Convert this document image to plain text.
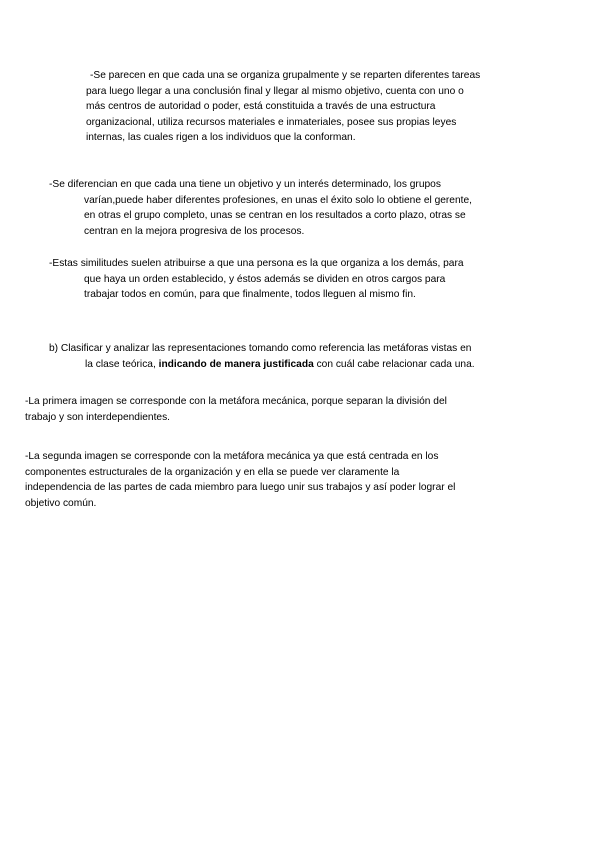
-Se parecen en que cada una se organiza grupalmente y se reparten diferentes tareas
para luego llegar a una conclusión final y llegar al mismo objetivo, cuenta con uno o
más centros de autoridad o poder, está constituida a través de una estructura
organizacional, utiliza recursos materiales e inmateriales, posee sus propias leyes
internas, las cuales rigen a los individuos que la conforman.

-Se diferencian en que cada una tiene un objetivo y un interés determinado, los grupos
varían,puede haber diferentes profesiones, en unas el éxito solo lo obtiene el gerente,
en otras el grupo completo, unas se centran en los resultados a corto plazo, otras se
centran en la mejora progresiva de los procesos.

-Estas similitudes suelen atribuirse a que una persona es la que organiza a los demás, para
que haya un orden establecido, y éstos además se dividen en otros cargos para
trabajar todos en común, para que finalmente, todos lleguen al mismo fin.

b) Clasificar y analizar las representaciones tomando como referencia las metáforas vistas en
la clase teórica, indicando de manera justificada con cuál cabe relacionar cada una.

-La primera imagen se corresponde con la metáfora mecánica, porque separan la división del
trabajo y son interdependientes.

-La segunda imagen se corresponde con la metáfora mecánica ya que está centrada en los
componentes estructurales de la organización y en ella se puede ver claramente la
independencia de las partes de cada miembro para luego unir sus trabajos y así poder lograr el
objetivo común.
